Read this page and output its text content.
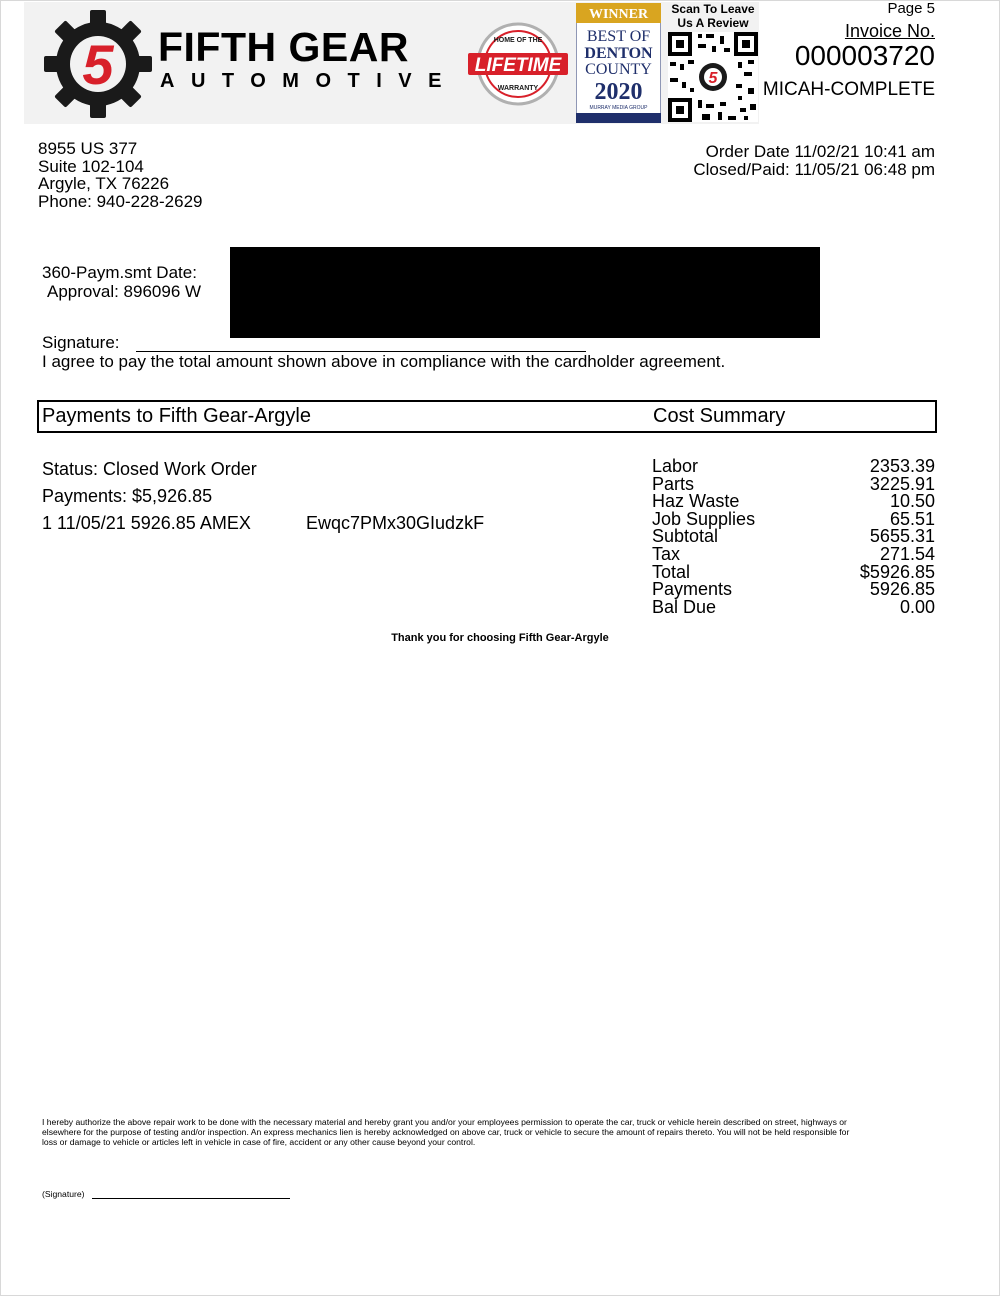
5 FIFTH GEAR
AUTOMOTIVE
HOME OF THE
LIFETIME
WARRANTY
WINNER
BEST OF
DENTON
COUNTY
2020
MURRAY MEDIA GROUP
Scan To Leave Us A Review
5
Page 5
Invoice No.
000003720
MICAH-COMPLETE
8955 US 377
Suite 102-104
Argyle, TX 76226
Phone: 940-228-2629
Order Date 11/02/21 10:41 am
Closed/Paid: 11/05/21 06:48 pm
360-Paym.smt Date:
Approval: 896096 W
Signature:
I agree to pay the total amount shown above in compliance with the cardholder agreement.
Payments to Fifth Gear-Argyle	Cost Summary
Status: Closed Work Order
Payments: $5,926.85
1 11/05/21 5926.85 AMEX	Ewqc7PMx30GIudzkF
Labor
Parts
Haz Waste
Job Supplies
Subtotal
Tax
Total
Payments
Bal Due
2353.39
3225.91
10.50
65.51
5655.31
271.54
$5926.85
5926.85
0.00
Thank you for choosing Fifth Gear-Argyle
I hereby authorize the above repair work to be done with the necessary material and hereby grant you and/or your employees permission to operate the car, truck or vehicle herein described on street, highways or elsewhere for the purpose of testing and/or inspection. An express mechanics lien is hereby acknowledged on above car, truck or vehicle to secure the amount of repairs thereto. You will not be held responsible for loss or damage to vehicle or articles left in vehicle in case of fire, accident or any other cause beyond your control.
(Signature)
